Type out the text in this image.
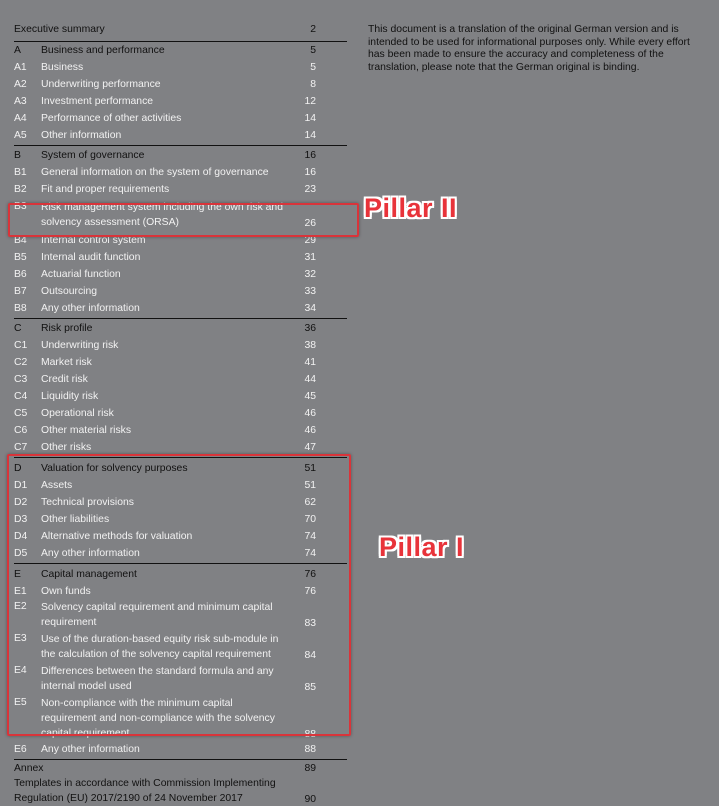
Executive summary	2
A	Business and performance	5
A1	Business	5
A2	Underwriting performance	8
A3	Investment performance	12
A4	Performance of other activities	14
A5	Other information	14
B	System of governance	16
B1	General information on the system of governance	16
B2	Fit and proper requirements	23
B3	Risk management system including the own risk and solvency assessment (ORSA)	26
B4	Internal control system	29
B5	Internal audit function	31
B6	Actuarial function	32
B7	Outsourcing	33
B8	Any other information	34
C	Risk profile	36
C1	Underwriting risk	38
C2	Market risk	41
C3	Credit risk	44
C4	Liquidity risk	45
C5	Operational risk	46
C6	Other material risks	46
C7	Other risks	47
D	Valuation for solvency purposes	51
D1	Assets	51
D2	Technical provisions	62
D3	Other liabilities	70
D4	Alternative methods for valuation	74
D5	Any other information	74
E	Capital management	76
E1	Own funds	76
E2	Solvency capital requirement and minimum capital requirement	83
E3	Use of the duration-based equity risk sub-module in the calculation of the solvency capital requirement	84
E4	Differences between the standard formula and any internal model used	85
E5	Non-compliance with the minimum capital requirement and non-compliance with the solvency capital requirement	88
E6	Any other information	88
Annex	89
Templates in accordance with Commission Implementing Regulation (EU) 2017/2190 of 24 November 2017	90
This document is a translation of the original German version and is intended to be used for informational purposes only. While every effort has been made to ensure the accuracy and completeness of the translation, please note that the German original is binding.
Pillar II
Pillar I
